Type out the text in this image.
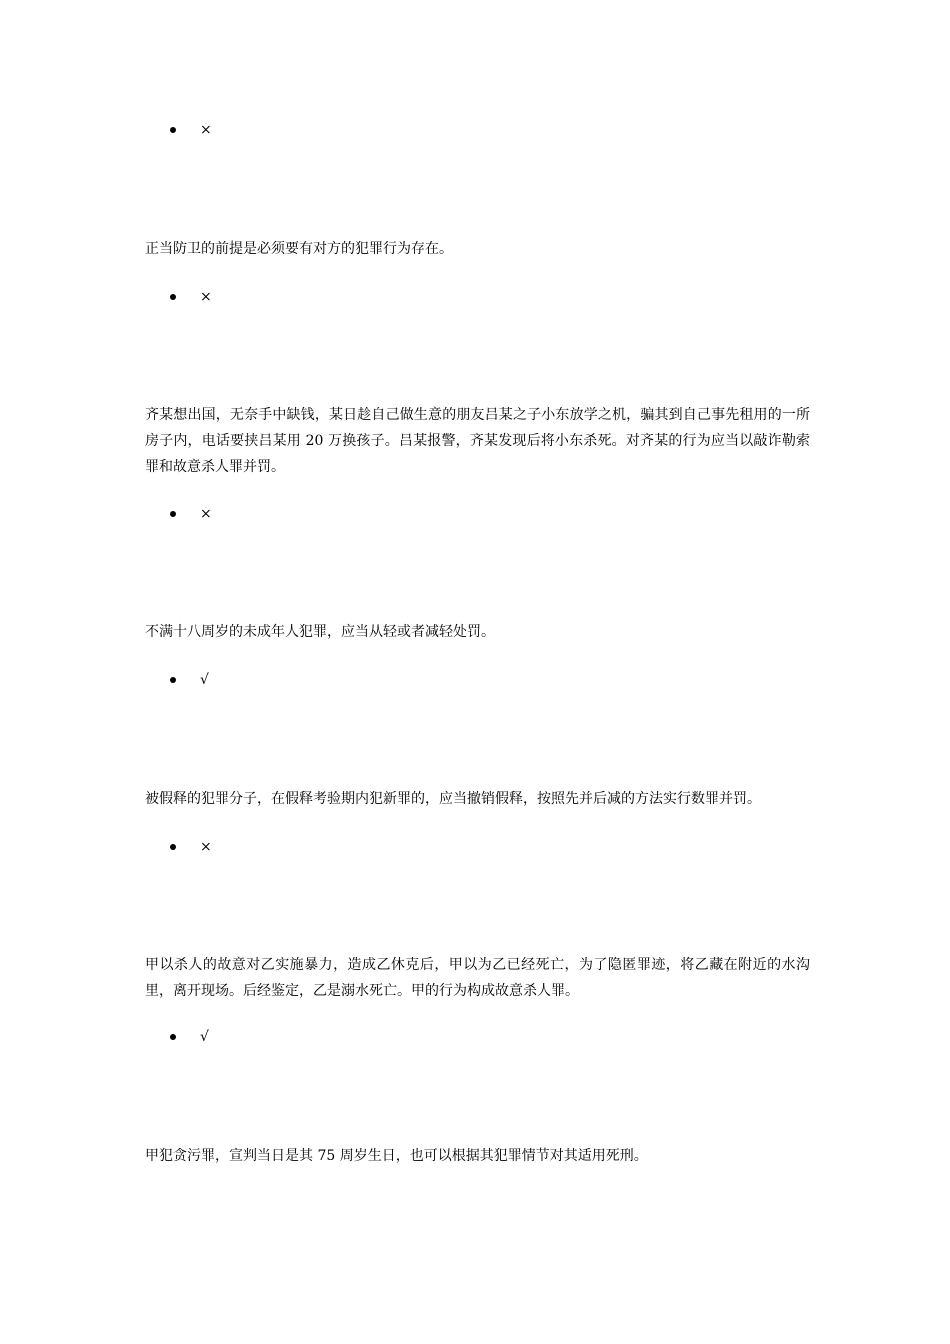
×
正当防卫的前提是必须要有对方的犯罪行为存在。
×
齐某想出国，无奈手中缺钱，某日趁自己做生意的朋友吕某之子小东放学之机，骗其到自己事先租用的一所房子内，电话要挟吕某用 20 万换孩子。吕某报警，齐某发现后将小东杀死。对齐某的行为应当以敲诈勒索罪和故意杀人罪并罚。
×
不满十八周岁的未成年人犯罪，应当从轻或者减轻处罚。
√
被假释的犯罪分子，在假释考验期内犯新罪的，应当撤销假释，按照先并后减的方法实行数罪并罚。
×
甲以杀人的故意对乙实施暴力，造成乙休克后，甲以为乙已经死亡，为了隐匿罪迹，将乙藏在附近的水沟里，离开现场。后经鉴定，乙是溺水死亡。甲的行为构成故意杀人罪。
√
甲犯贪污罪，宣判当日是其 75 周岁生日，也可以根据其犯罪情节对其适用死刑。
